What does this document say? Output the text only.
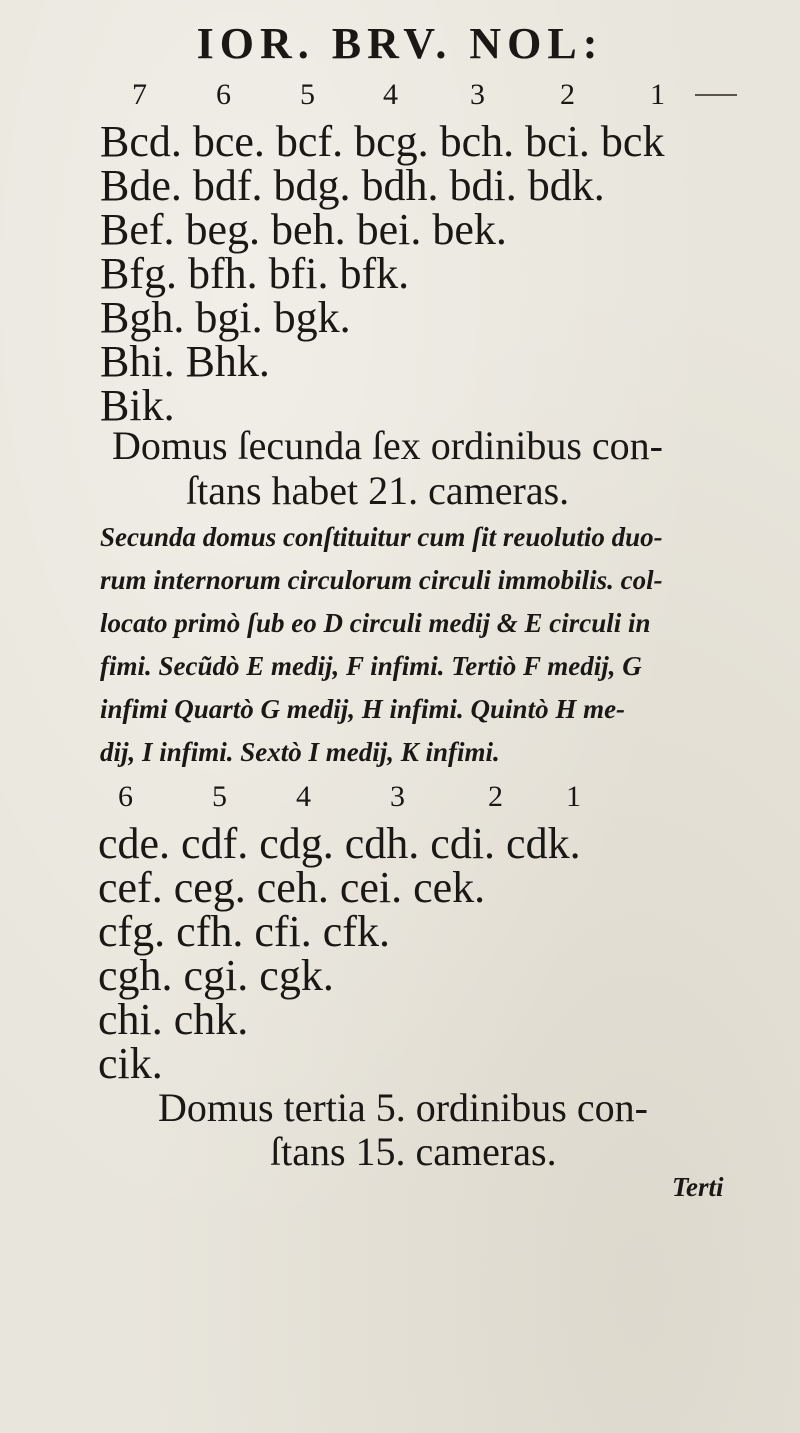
IOR. BRV. NOL:
7 6 5 4 3	2	1
Bcd. bce. bcf. bcg. bch. bci. bck
Bde. bdf. bdg. bdh. bdi. bdk.
Bef. beg. beh. bei. bek.
Bfg. bfh. bfi. bfk.
Bgh. bgi. bgk.
Bhi. Bhk.
Bik.
Domus ſecunda ſex ordinibus con-
ſtans habet 21. cameras.
Secunda domus conſtituitur cum ſit reuolutio duo-
rum internorum circulorum circuli immobilis. col-
locato primò ſub eo D circuli medij & E circuli in
fimi. Secũdò E medij, F infimi. Tertiò F medij, G
infimi Quartò G medij, H infimi. Quintò H me-
dij, I infimi. Sextò I medij, K infimi.
6	5 4	3	2 1
cde. cdf. cdg. cdh. cdi. cdk.
cef. ceg. ceh. cei. cek.
cfg. cfh. cfi. cfk.
cgh. cgi. cgk.
chi. chk.
cik.
Domus tertia 5. ordinibus con-
ſtans 15. cameras.
Terti
